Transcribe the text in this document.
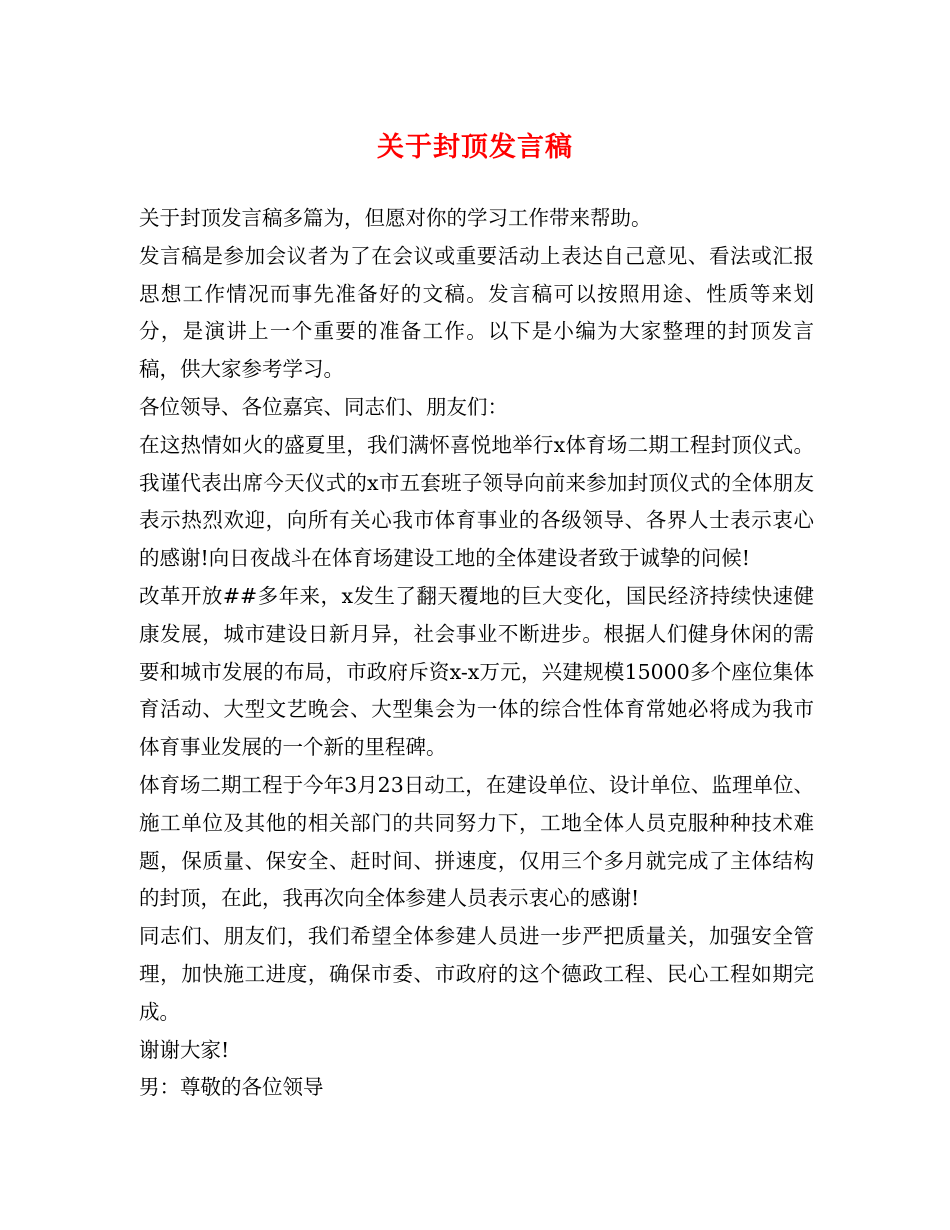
关于封顶发言稿

关于封顶发言稿多篇为，但愿对你的学习工作带来帮助。

发言稿是参加会议者为了在会议或重要活动上表达自己意见、看法或汇报思想工作情况而事先准备好的文稿。发言稿可以按照用途、性质等来划分，是演讲上一个重要的准备工作。以下是小编为大家整理的封顶发言稿，供大家参考学习。

各位领导、各位嘉宾、同志们、朋友们：

在这热情如火的盛夏里，我们满怀喜悦地举行x体育场二期工程封顶仪式。我谨代表出席今天仪式的x市五套班子领导向前来参加封顶仪式的全体朋友表示热烈欢迎，向所有关心我市体育事业的各级领导、各界人士表示衷心的感谢!向日夜战斗在体育场建设工地的全体建设者致于诚挚的问候!

改革开放##多年来，x发生了翻天覆地的巨大变化，国民经济持续快速健康发展，城市建设日新月异，社会事业不断进步。根据人们健身休闲的需要和城市发展的布局，市政府斥资x-x万元，兴建规模15000多个座位集体育活动、大型文艺晚会、大型集会为一体的综合性体育常她必将成为我市体育事业发展的一个新的里程碑。

体育场二期工程于今年3月23日动工，在建设单位、设计单位、监理单位、施工单位及其他的相关部门的共同努力下，工地全体人员克服种种技术难题，保质量、保安全、赶时间、拼速度，仅用三个多月就完成了主体结构的封顶，在此，我再次向全体参建人员表示衷心的感谢!

同志们、朋友们，我们希望全体参建人员进一步严把质量关，加强安全管理，加快施工进度，确保市委、市政府的这个德政工程、民心工程如期完成。

谢谢大家!

男：尊敬的各位领导
